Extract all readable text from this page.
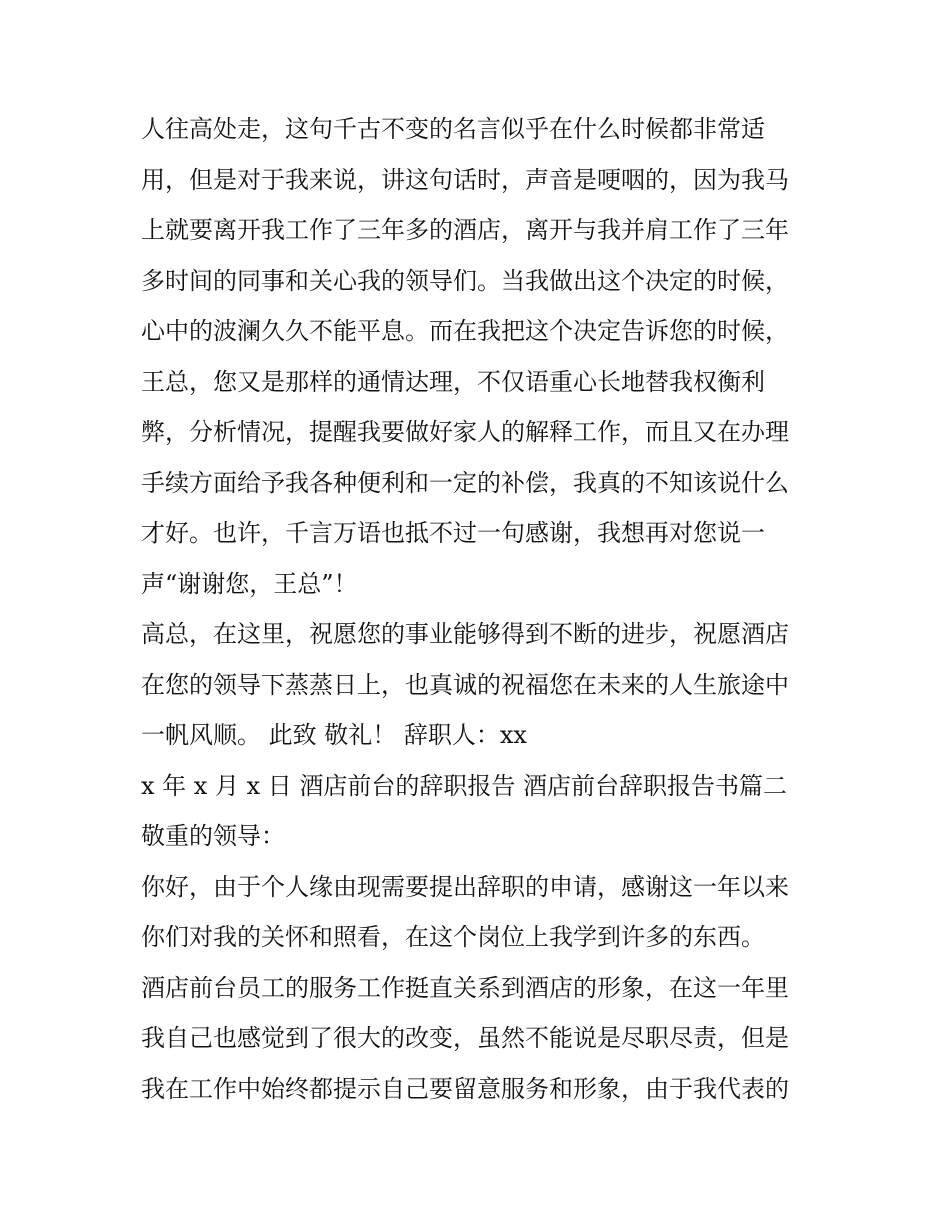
人往高处走，这句千古不变的名言似乎在什么时候都非常适
用，但是对于我来说，讲这句话时，声音是哽咽的，因为我马
上就要离开我工作了三年多的酒店，离开与我并肩工作了三年
多时间的同事和关心我的领导们。当我做出这个决定的时候，
心中的波澜久久不能平息。而在我把这个决定告诉您的时候，
王总，您又是那样的通情达理，不仅语重心长地替我权衡利
弊，分析情况，提醒我要做好家人的解释工作，而且又在办理
手续方面给予我各种便利和一定的补偿，我真的不知该说什么
才好。也许，千言万语也抵不过一句感谢，我想再对您说一
声“谢谢您，王总”！
高总，在这里，祝愿您的事业能够得到不断的进步，祝愿酒店
在您的领导下蒸蒸日上，也真诚的祝福您在未来的人生旅途中
一帆风顺。 此致 敬礼！ 辞职人：xx
x 年 x 月 x 日 酒店前台的辞职报告 酒店前台辞职报告书篇二
敬重的领导：
你好，由于个人缘由现需要提出辞职的申请，感谢这一年以来
你们对我的关怀和照看，在这个岗位上我学到许多的东西。
酒店前台员工的服务工作挺直关系到酒店的形象，在这一年里
我自己也感觉到了很大的改变，虽然不能说是尽职尽责，但是
我在工作中始终都提示自己要留意服务和形象，由于我代表的
